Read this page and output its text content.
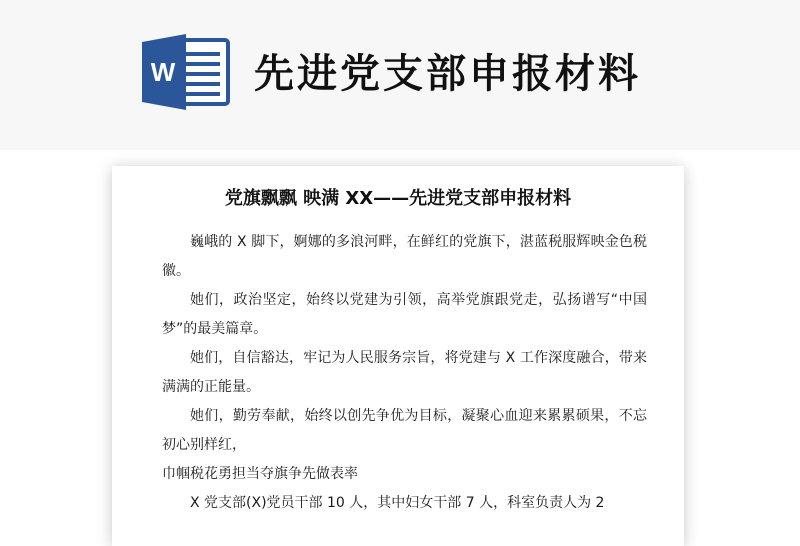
W 先进党支部申报材料
党旗飘飘 映满 XX——先进党支部申报材料
巍峨的 X 脚下，婀娜的多浪河畔，在鲜红的党旗下，湛蓝税服辉映金色税徽。
她们，政治坚定，始终以党建为引领，高举党旗跟党走，弘扬谱写“中国梦”的最美篇章。
她们，自信豁达，牢记为人民服务宗旨，将党建与 X 工作深度融合，带来满满的正能量。
她们，勤劳奉献，始终以创先争优为目标，凝聚心血迎来累累硕果，不忘初心别样红，
巾帼税花勇担当夺旗争先做表率
X 党支部(X)党员干部 10 人，其中妇女干部 7 人，科室负责人为 2
